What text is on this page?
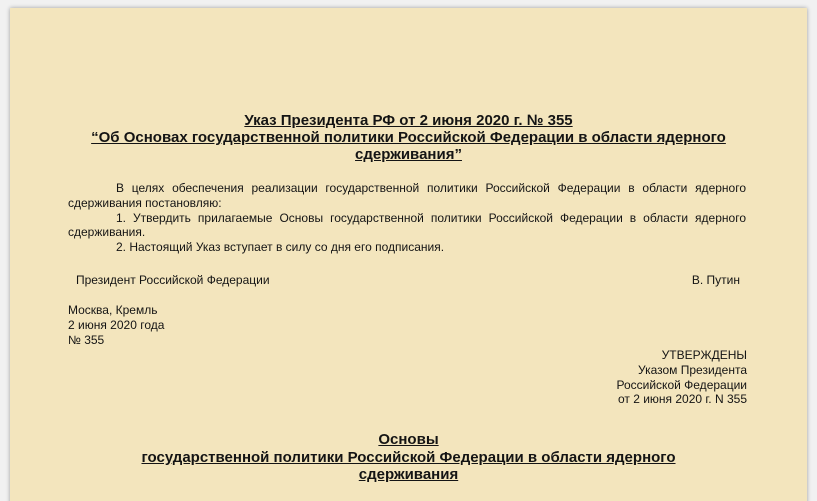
Указ Президента РФ от 2 июня 2020 г. № 355

“Об Основах государственной политики Российской Федерации в области ядерного

сдерживания”

В целях обеспечения реализации государственной политики Российской Федерации в области ядерного сдерживания постановляю:
1. Утвердить прилагаемые Основы государственной политики Российской Федерации в области ядерного сдерживания.
2. Настоящий Указ вступает в силу со дня его подписания.
Президент Российской Федерации	В. Путин
Москва, Кремль
2 июня 2020 года
№ 355
УТВЕРЖДЕНЫ
Указом Президента
Российской Федерации
от 2 июня 2020 г. N 355

Основы

государственной политики Российской Федерации в области ядерного

сдерживания
